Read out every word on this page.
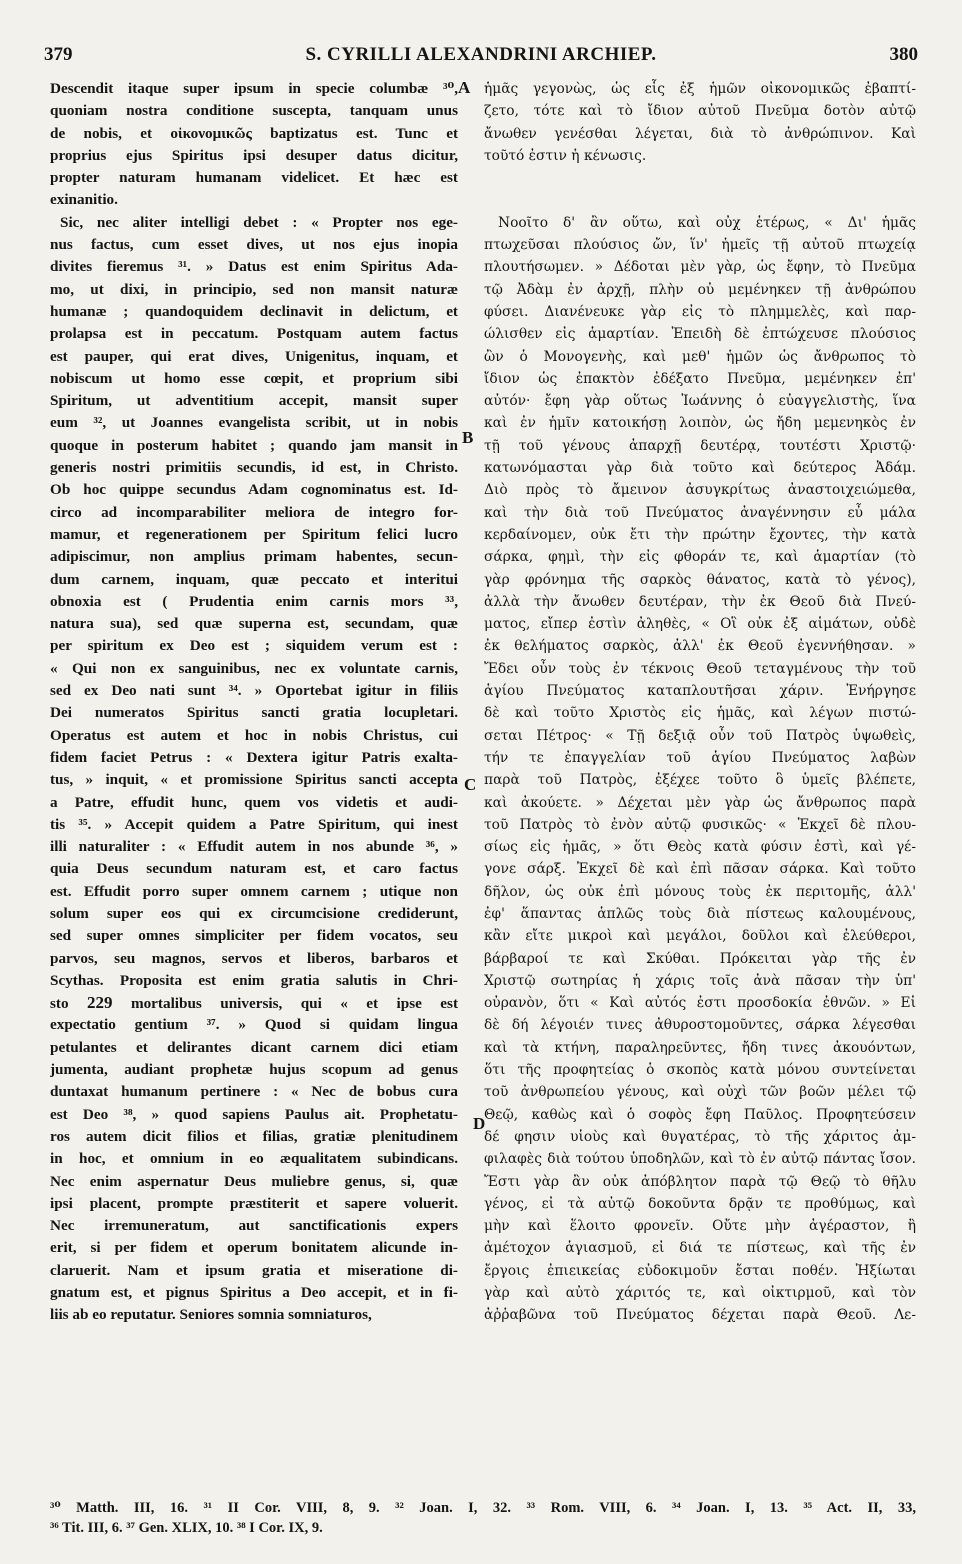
379	S. CYRILLI ALEXANDRINI ARCHIEP.	380
Descendit itaque super ipsum in specie columbæ ³⁰,
quoniam nostra conditione suscepta, tanquam unus
de nobis, et οἰκονομικῶς baptizatus est. Tunc et
proprius ejus Spiritus ipsi desuper datus dicitur,
propter naturam humanam videlicet. Et hæc est
exinanitio.
Sic, nec aliter intelligi debet : « Propter nos ege-
nus factus, cum esset dives, ut nos ejus inopia
divites fieremus ³¹. » Datus est enim Spiritus Ada-
mo, ut dixi, in principio, sed non mansit naturæ
humanæ ; quandoquidem declinavit in delictum, et
prolapsa est in peccatum. Postquam autem factus
est pauper, qui erat dives, Unigenitus, inquam, et
nobiscum ut homo esse cœpit, et proprium sibi
Spiritum, ut adventitium accepit, mansit super
eum ³², ut Joannes evangelista scribit, ut in nobis
quoque in posterum habitet ; quando jam mansit in
generis nostri primitiis secundis, id est, in Christo.
Ob hoc quippe secundus Adam cognominatus est. Id-
circo ad incomparabiliter meliora de integro for-
mamur, et regenerationem per Spiritum felici lucro
adipiscimur, non amplius primam habentes, secun-
dum carnem, inquam, quæ peccato et interitui
obnoxia est ( Prudentia enim carnis mors ³³,
natura sua), sed quæ superna est, secundam, quæ
per spiritum ex Deo est ; siquidem verum est :
« Qui non ex sanguinibus, nec ex voluntate carnis,
sed ex Deo nati sunt ³⁴. » Oportebat igitur in filiis
Dei numeratos Spiritus sancti gratia locupletari.
Operatus est autem et hoc in nobis Christus, cui
fidem faciet Petrus : « Dextera igitur Patris exalta-
tus, » inquit, « et promissione Spiritus sancti accepta
a Patre, effudit hunc, quem vos videtis et audi-
tis ³⁵. » Accepit quidem a Patre Spiritum, qui inest
illi naturaliter : « Effudit autem in nos abunde ³⁶, »
quia Deus secundum naturam est, et caro factus
est. Effudit porro super omnem carnem ; utique non
solum super eos qui ex circumcisione crediderunt,
sed super omnes simpliciter per fidem vocatos, seu
parvos, seu magnos, servos et liberos, barbaros et
Scythas. Proposita est enim gratia salutis in Chri-
sto 229 mortalibus universis, qui « et ipse est
expectatio gentium ³⁷. » Quod si quidam lingua
petulantes et delirantes dicant carnem dici etiam
jumenta, audiant prophetæ hujus scopum ad genus
duntaxat humanum pertinere : « Nec de bobus cura
est Deo ³⁸, » quod sapiens Paulus ait. Prophetatu-
ros autem dicit filios et filias, gratiæ plenitudinem
in hoc, et omnium in eo æqualitatem subindicans.
Nec enim aspernatur Deus muliebre genus, si, quæ
ipsi placent, prompte præstiterit et sapere voluerit.
Nec irremuneratum, aut sanctificationis expers
erit, si per fidem et operum bonitatem alicunde in-
claruerit. Nam et ipsum gratia et miseratione di-
gnatum est, et pignus Spiritus a Deo accepit, et in fi-
liis ab eo reputatur. Seniores somnia somniaturos,
ἡμᾶς γεγονὼς, ὡς εἷς ἐξ ἡμῶν οἰκονομικῶς ἐβαπτί-
ζετο, τότε καὶ τὸ ἴδιον αὐτοῦ Πνεῦμα δοτὸν αὐτῷ
ἄνωθεν γενέσθαι λέγεται, διὰ τὸ ἀνθρώπινον. Καὶ
τοῦτό ἐστιν ἡ κένωσις.
Νοοῖτο δ' ἂν οὕτω, καὶ οὐχ ἑτέρως, « Δι' ἡμᾶς
πτωχεῦσαι πλούσιος ὤν, ἵν' ἡμεῖς τῇ αὐτοῦ πτωχείᾳ
πλουτήσωμεν. » Δέδοται μὲν γὰρ, ὡς ἔφην, τὸ Πνεῦμα
τῷ Ἀδὰμ ἐν ἀρχῇ, πλὴν οὐ μεμένηκεν τῇ ἀνθρώπου
φύσει. Διανένευκε γὰρ εἰς τὸ πλημμελὲς, καὶ παρ-
ώλισθεν εἰς ἁμαρτίαν. Ἐπειδὴ δὲ ἐπτώχευσε πλούσιος
ὢν ὁ Μονογενὴς, καὶ μεθ' ἡμῶν ὡς ἄνθρωπος τὸ
ἴδιον ὡς ἐπακτὸν ἐδέξατο Πνεῦμα, μεμένηκεν ἐπ'
αὐτόν· ἔφη γὰρ οὕτως Ἰωάννης ὁ εὐαγγελιστὴς, ἵνα
καὶ ἐν ἡμῖν κατοικήσῃ λοιπὸν, ὡς ἤδη μεμενηκὸς ἐν
τῇ τοῦ γένους ἀπαρχῇ δευτέρᾳ, τουτέστι Χριστῷ·
κατωνόμασται γὰρ διὰ τοῦτο καὶ δεύτερος Ἀδάμ.
Διὸ πρὸς τὸ ἄμεινον ἀσυγκρίτως ἀναστοιχειώμεθα,
καὶ τὴν διὰ τοῦ Πνεύματος ἀναγέννησιν εὖ μάλα
κερδαίνομεν, οὐκ ἔτι τὴν πρώτην ἔχοντες, τὴν κατὰ
σάρκα, φημὶ, τὴν εἰς φθοράν τε, καὶ ἁμαρτίαν (τὸ
γὰρ φρόνημα τῆς σαρκὸς θάνατος, κατὰ τὸ γένος),
ἀλλὰ τὴν ἄνωθεν δευτέραν, τὴν ἐκ Θεοῦ διὰ Πνεύ-
ματος, εἴπερ ἐστὶν ἀληθὲς, « Οἳ οὐκ ἐξ αἱμάτων, οὐδὲ
ἐκ θελήματος σαρκὸς, ἀλλ' ἐκ Θεοῦ ἐγεννήθησαν. »
Ἔδει οὖν τοὺς ἐν τέκνοις Θεοῦ τεταγμένους τὴν τοῦ
ἁγίου Πνεύματος καταπλουτῆσαι χάριν. Ἐνήργησε
δὲ καὶ τοῦτο Χριστὸς εἰς ἡμᾶς, καὶ λέγων πιστώ-
σεται Πέτρος· « Τῇ δεξιᾷ οὖν τοῦ Πατρὸς ὑψωθεὶς,
τήν τε ἐπαγγελίαν τοῦ ἁγίου Πνεύματος λαβὼν
παρὰ τοῦ Πατρὸς, ἐξέχεε τοῦτο ὃ ὑμεῖς βλέπετε,
καὶ ἀκούετε. » Δέχεται μὲν γὰρ ὡς ἄνθρωπος παρὰ
τοῦ Πατρὸς τὸ ἐνὸν αὐτῷ φυσικῶς· « Ἐκχεῖ δὲ πλου-
σίως εἰς ἡμᾶς, » ὅτι Θεὸς κατὰ φύσιν ἐστὶ, καὶ γέ-
γονε σάρξ. Ἐκχεῖ δὲ καὶ ἐπὶ πᾶσαν σάρκα. Καὶ τοῦτο
δῆλον, ὡς οὐκ ἐπὶ μόνους τοὺς ἐκ περιτομῆς, ἀλλ'
ἐφ' ἅπαντας ἁπλῶς τοὺς διὰ πίστεως καλουμένους,
κἂν εἴτε μικροὶ καὶ μεγάλοι, δοῦλοι καὶ ἐλεύθεροι,
βάρβαροί τε καὶ Σκύθαι. Πρόκειται γὰρ τῆς ἐν
Χριστῷ σωτηρίας ἡ χάρις τοῖς ἀνὰ πᾶσαν τὴν ὑπ'
οὐρανὸν, ὅτι « Καὶ αὐτός ἐστι προσδοκία ἐθνῶν. » Εἰ
δὲ δή λέγοιέν τινες ἀθυροστομοῦντες, σάρκα λέγεσθαι
καὶ τὰ κτήνη, παραληρεῦντες, ἤδη τινες ἀκουόντων,
ὅτι τῆς προφητείας ὁ σκοπὸς κατὰ μόνου συντείνεται
τοῦ ἀνθρωπείου γένους, καὶ οὐχὶ τῶν βοῶν μέλει τῷ
Θεῷ, καθὼς καὶ ὁ σοφὸς ἔφη Παῦλος. Προφητεύσειν
δέ φησιν υἱοὺς καὶ θυγατέρας, τὸ τῆς χάριτος ἀμ-
φιλαφὲς διὰ τούτου ὑποδηλῶν, καὶ τὸ ἐν αὐτῷ πάντας ἴσον.
Ἔστι γὰρ ἂν οὐκ ἀπόβλητον παρὰ τῷ Θεῷ τὸ θῆλυ
γένος, εἰ τὰ αὐτῷ δοκοῦντα δρᾷν τε προθύμως, καὶ
μὴν καὶ ἕλοιτο φρονεῖν. Οὔτε μὴν ἀγέραστον, ἢ
ἀμέτοχον ἁγιασμοῦ, εἰ διά τε πίστεως, καὶ τῆς ἐν
ἔργοις ἐπιεικείας εὐδοκιμοῦν ἔσται ποθέν. Ἠξίωται
γὰρ καὶ αὐτὸ χάριτός τε, καὶ οἰκτιρμοῦ, καὶ τὸν
ἀῤῥαβῶνα τοῦ Πνεύματος δέχεται παρὰ Θεοῦ. Λε-
A
B
C
D
³⁰ Matth. III, 16. ³¹ II Cor. VIII, 8, 9. ³² Joan. I, 32. ³³ Rom. VIII, 6. ³⁴ Joan. I, 13. ³⁵ Act. II, 33,
³⁶ Tit. III, 6. ³⁷ Gen. XLIX, 10. ³⁸ I Cor. IX, 9.
